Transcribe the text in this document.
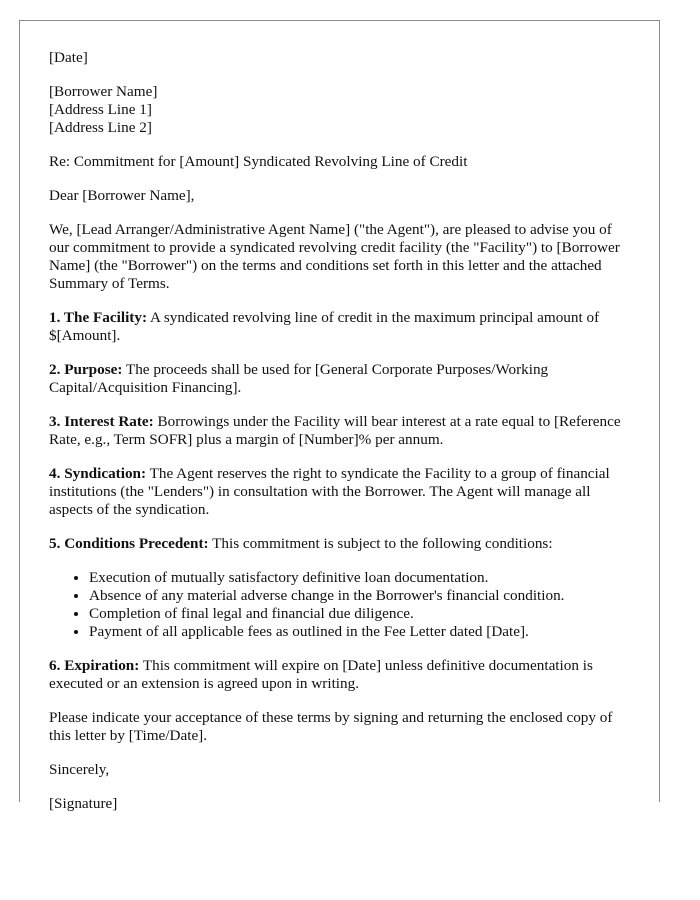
[Date]

[Borrower Name]
[Address Line 1]
[Address Line 2]

Re: Commitment for [Amount] Syndicated Revolving Line of Credit

Dear [Borrower Name],

We, [Lead Arranger/Administrative Agent Name] ("the Agent"), are pleased to advise you of our commitment to provide a syndicated revolving credit facility (the "Facility") to [Borrower Name] (the "Borrower") on the terms and conditions set forth in this letter and the attached Summary of Terms.

1. The Facility: A syndicated revolving line of credit in the maximum principal amount of $[Amount].

2. Purpose: The proceeds shall be used for [General Corporate Purposes/Working Capital/Acquisition Financing].

3. Interest Rate: Borrowings under the Facility will bear interest at a rate equal to [Reference Rate, e.g., Term SOFR] plus a margin of [Number]% per annum.

4. Syndication: The Agent reserves the right to syndicate the Facility to a group of financial institutions (the "Lenders") in consultation with the Borrower. The Agent will manage all aspects of the syndication.

5. Conditions Precedent: This commitment is subject to the following conditions:

• Execution of mutually satisfactory definitive loan documentation.
• Absence of any material adverse change in the Borrower's financial condition.
• Completion of final legal and financial due diligence.
• Payment of all applicable fees as outlined in the Fee Letter dated [Date].

6. Expiration: This commitment will expire on [Date] unless definitive documentation is executed or an extension is agreed upon in writing.

Please indicate your acceptance of these terms by signing and returning the enclosed copy of this letter by [Time/Date].

Sincerely,

[Signature]
